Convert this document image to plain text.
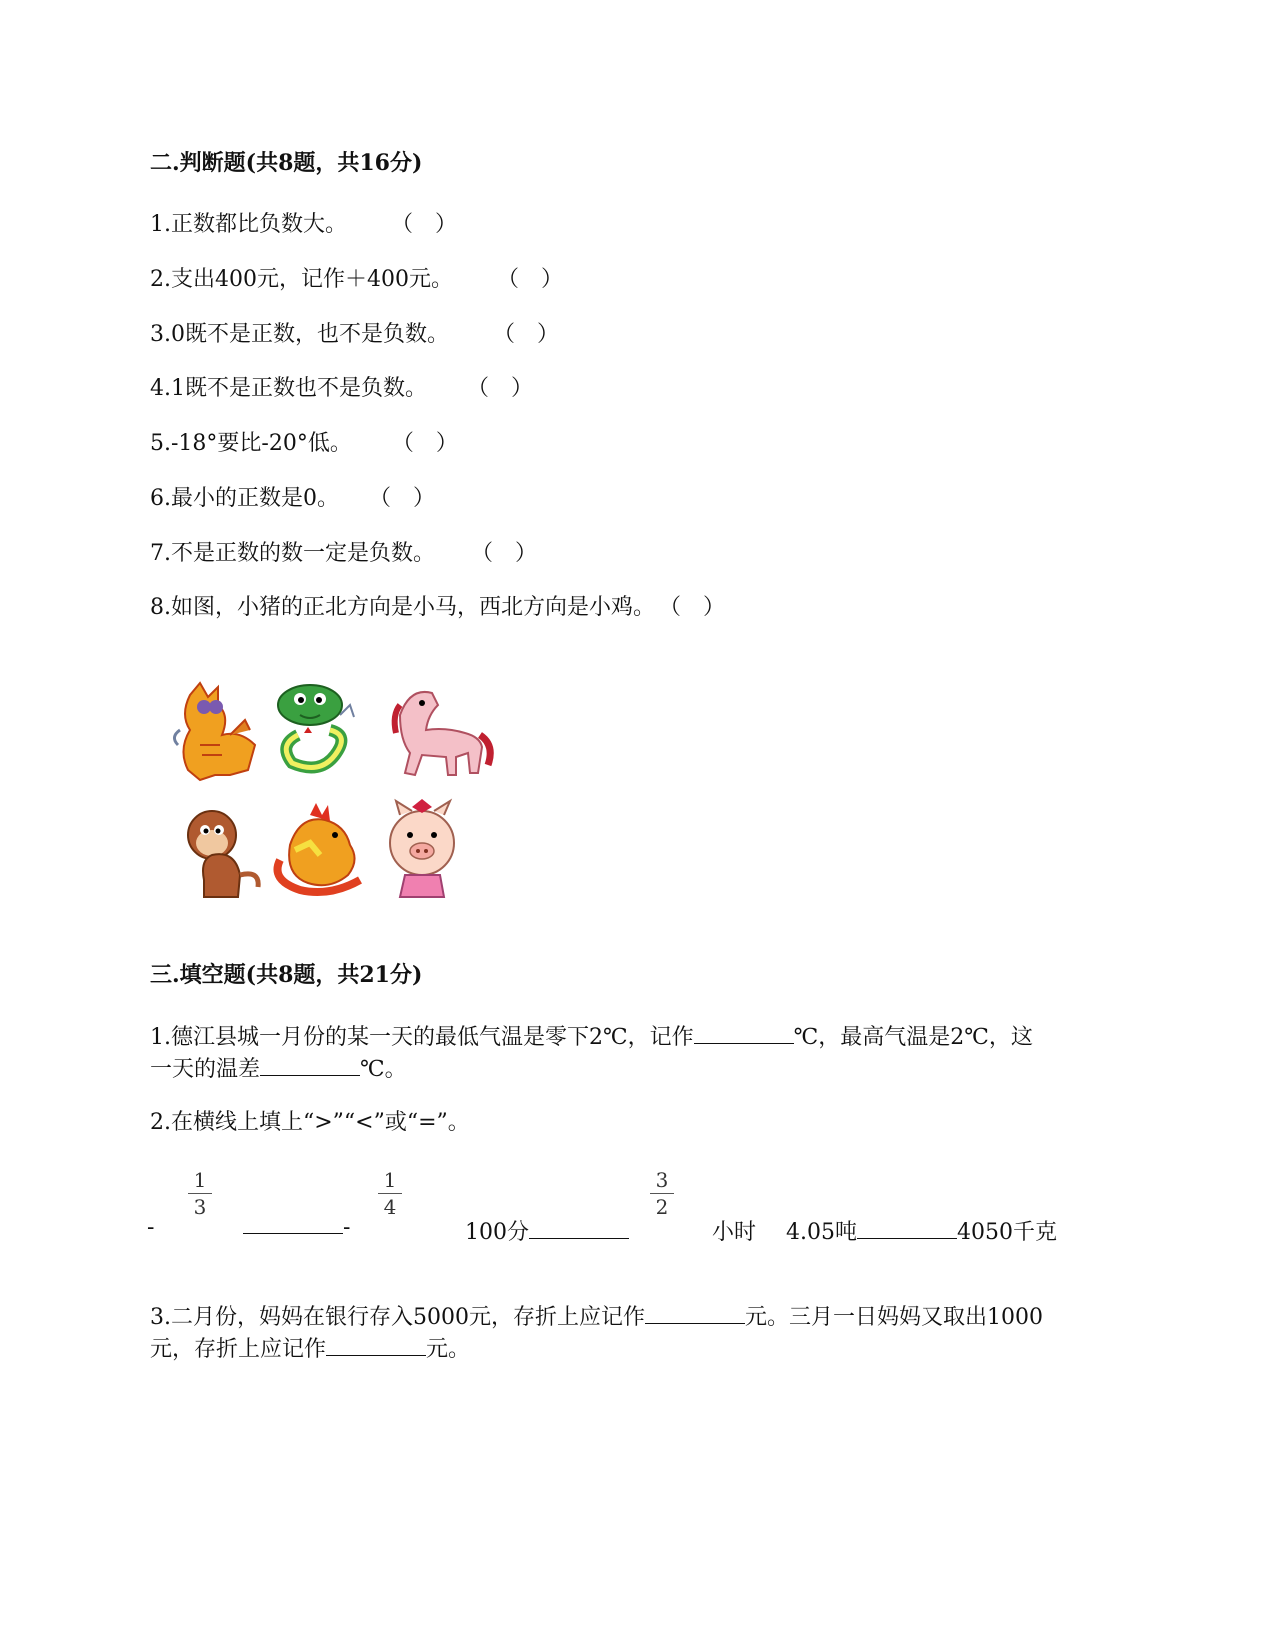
二.判断题(共8题，共16分)
1.正数都比负数大。 （　）
2.支出400元，记作＋400元。 （　）
3.0既不是正数，也不是负数。 （　）
4.1既不是正数也不是负数。 （　）
5.-18°要比-20°低。 （　）
6.最小的正数是0。 （　）
7.不是正数的数一定是负数。 （　）
8.如图，小猪的正北方向是小马，西北方向是小鸡。 （　）
三.填空题(共8题，共21分)
1.德江县城一月份的某一天的最低气温是零下2℃，记作	℃，最高气温是2℃，这
一天的温差	℃。
2.在横线上填上“>”“<”或“=”。
-
1
3
-
1
4
100分
3
2
小时 4.05吨	4050千克
3.二月份，妈妈在银行存入5000元，存折上应记作	元。三月一日妈妈又取出1000
元，存折上应记作	元。
